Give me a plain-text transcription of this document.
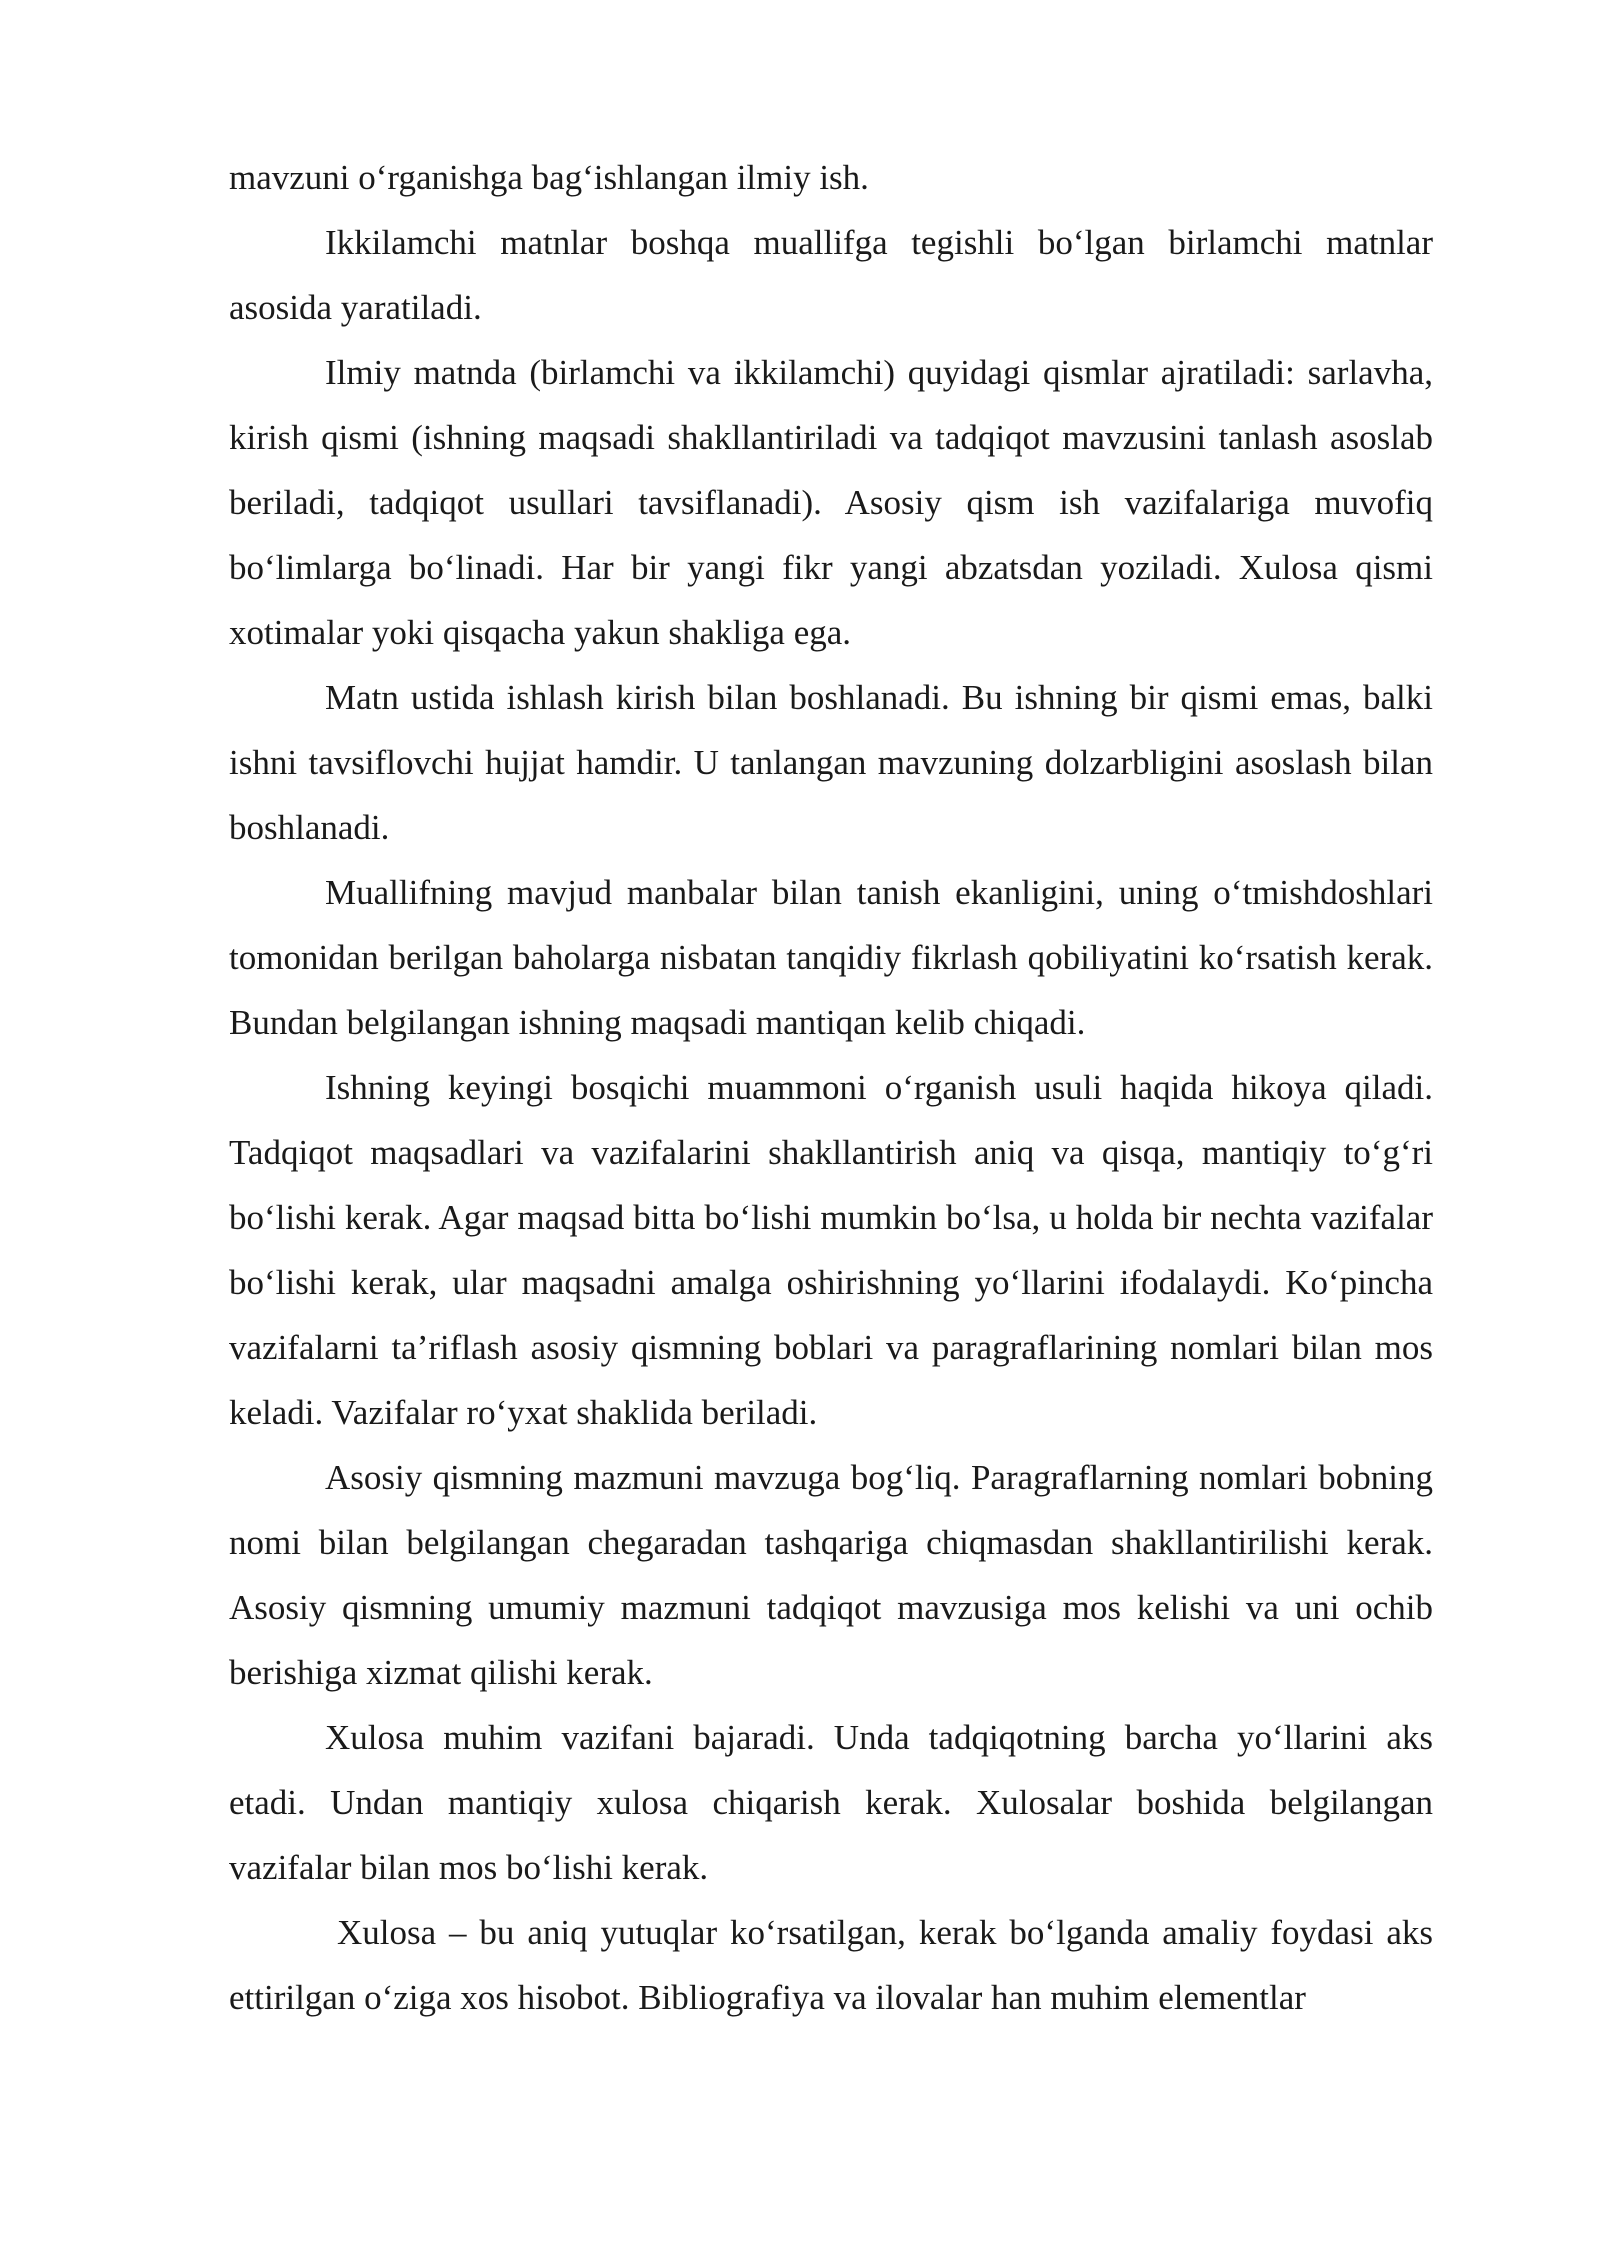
mavzuni o‘rganishga bag‘ishlangan ilmiy ish.

Ikkilamchi matnlar boshqa muallifga tegishli bo‘lgan birlamchi matnlar asosida yaratiladi.

Ilmiy matnda (birlamchi va ikkilamchi) quyidagi qismlar ajratiladi: sarlavha, kirish qismi (ishning maqsadi shakllantiriladi va tadqiqot mavzusini tanlash asoslab beriladi, tadqiqot usullari tavsiflanadi). Asosiy qism ish vazifalariga muvofiq bo‘limlarga bo‘linadi. Har bir yangi fikr yangi abzatsdan yoziladi. Xulosa qismi xotimalar yoki qisqacha yakun shakliga ega.

Matn ustida ishlash kirish bilan boshlanadi. Bu ishning bir qismi emas, balki ishni tavsiflovchi hujjat hamdir. U tanlangan mavzuning dolzarbligini asoslash bilan boshlanadi.

Muallifning mavjud manbalar bilan tanish ekanligini, uning o‘tmishdoshlari tomonidan berilgan baholarga nisbatan tanqidiy fikrlash qobiliyatini ko‘rsatish kerak. Bundan belgilangan ishning maqsadi mantiqan kelib chiqadi.

Ishning keyingi bosqichi muammoni o‘rganish usuli haqida hikoya qiladi. Tadqiqot maqsadlari va vazifalarini shakllantirish aniq va qisqa, mantiqiy to‘g‘ri bo‘lishi kerak. Agar maqsad bitta bo‘lishi mumkin bo‘lsa, u holda bir nechta vazifalar bo‘lishi kerak, ular maqsadni amalga oshirishning yo‘llarini ifodalaydi. Ko‘pincha vazifalarni ta’riflash asosiy qismning boblari va paragraflarining nomlari bilan mos keladi. Vazifalar ro‘yxat shaklida beriladi.

Asosiy qismning mazmuni mavzuga bog‘liq. Paragraflarning nomlari bobning nomi bilan belgilangan chegaradan tashqariga chiqmasdan shakllantirilishi kerak. Asosiy qismning umumiy mazmuni tadqiqot mavzusiga mos kelishi va uni ochib berishiga xizmat qilishi kerak.

Xulosa muhim vazifani bajaradi. Unda tadqiqotning barcha yo‘llarini aks etadi. Undan mantiqiy xulosa chiqarish kerak. Xulosalar boshida belgilangan vazifalar bilan mos bo‘lishi kerak.

Xulosa – bu aniq yutuqlar ko‘rsatilgan, kerak bo‘lganda amaliy foydasi aks ettirilgan o‘ziga xos hisobot. Bibliografiya va ilovalar han muhim elementlar
